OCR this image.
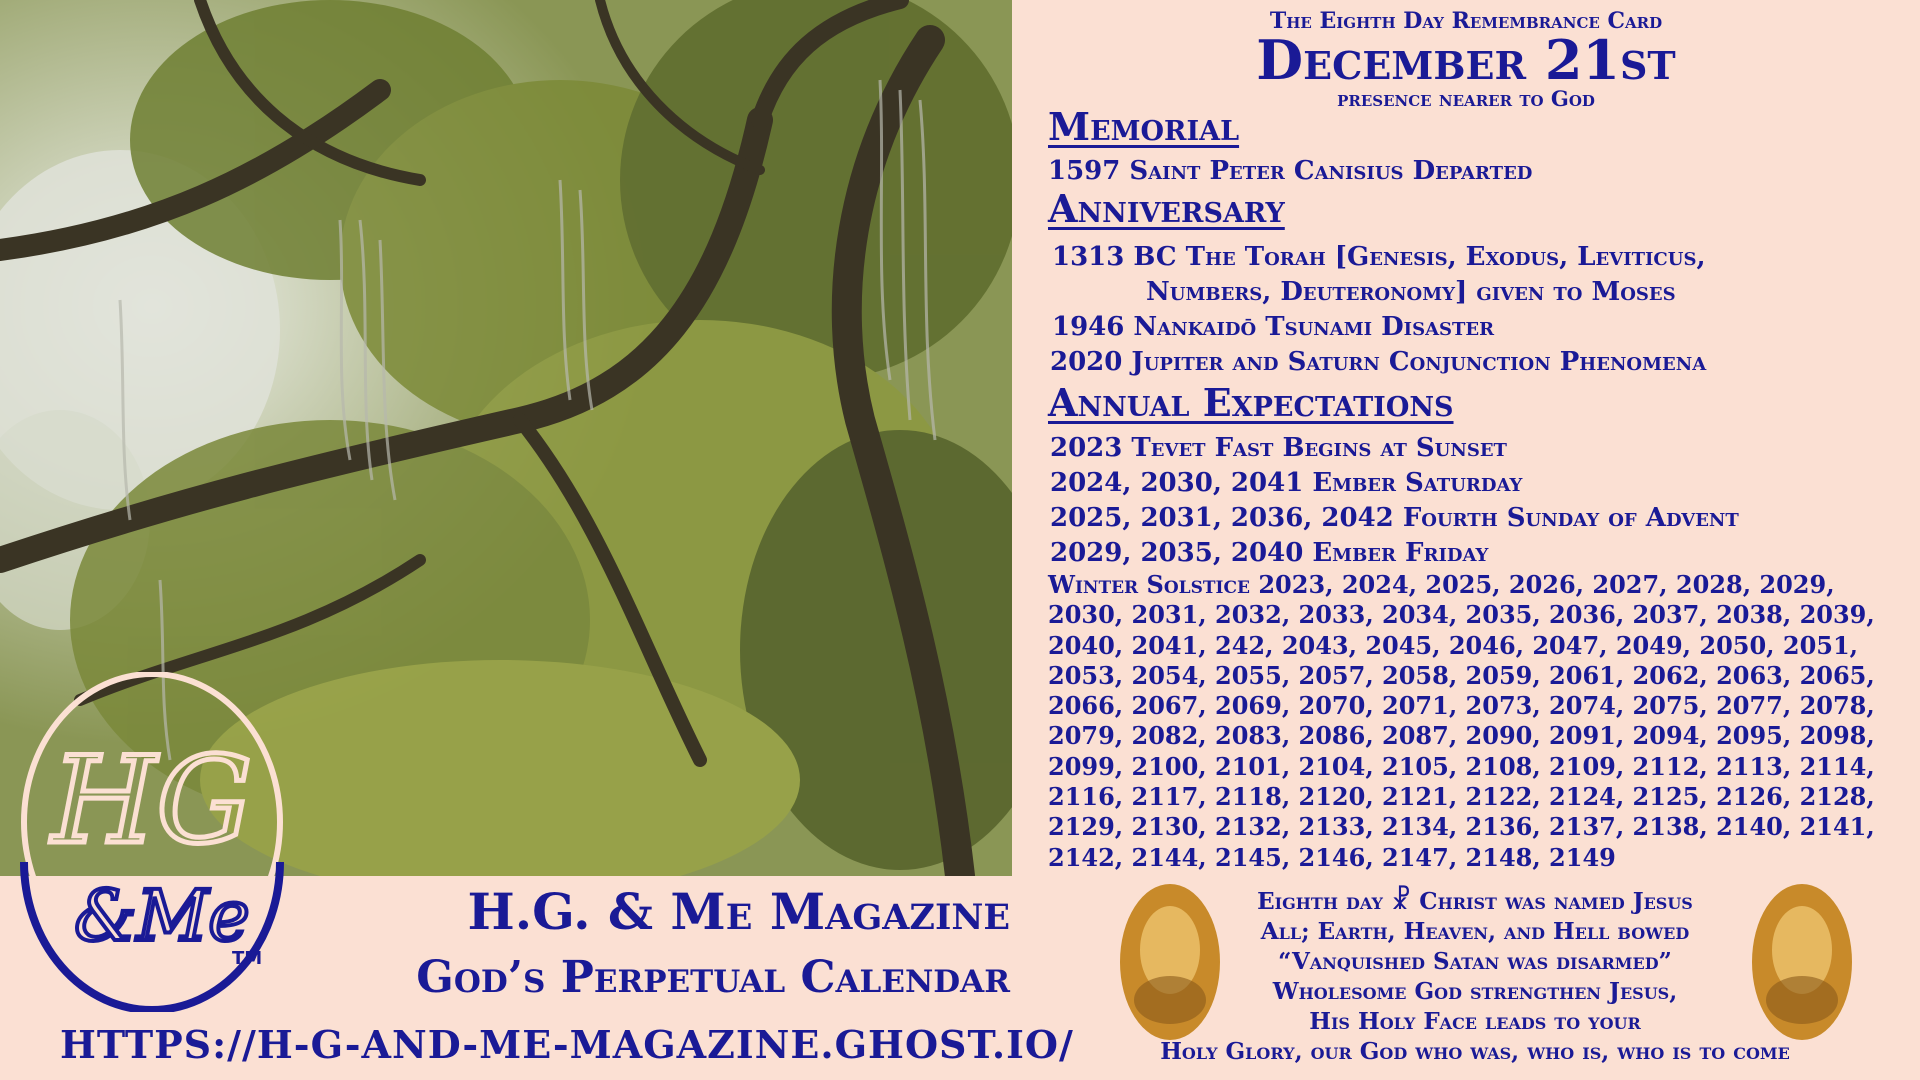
HG
&Me
TM
H.G. & Me Magazine
God’s Perpetual Calendar
HTTPS://H-G-AND-ME-MAGAZINE.GHOST.IO/
The Eighth Day Remembrance Card
December 21st
presence nearer to God
Memorial
1597 Saint Peter Canisius Departed
Anniversary
1313 BC The Torah [Genesis, Exodus, Leviticus,
Numbers, Deuteronomy] given to Moses
1946 Nankaidō Tsunami Disaster
2020 Jupiter and Saturn Conjunction Phenomena
Annual Expectations
2023 Tevet Fast Begins at Sunset
2024, 2030, 2041 Ember Saturday
2025, 2031, 2036, 2042 Fourth Sunday of Advent
2029, 2035, 2040 Ember Friday
Winter Solstice 2023, 2024, 2025, 2026, 2027, 2028, 2029, 2030, 2031, 2032, 2033, 2034, 2035, 2036, 2037, 2038, 2039, 2040, 2041, 242, 2043, 2045, 2046, 2047, 2049, 2050, 2051, 2053, 2054, 2055, 2057, 2058, 2059, 2061, 2062, 2063, 2065, 2066, 2067, 2069, 2070, 2071, 2073, 2074, 2075, 2077, 2078, 2079, 2082, 2083, 2086, 2087, 2090, 2091, 2094, 2095, 2098, 2099, 2100, 2101, 2104, 2105, 2108, 2109, 2112, 2113, 2114, 2116, 2117, 2118, 2120, 2121, 2122, 2124, 2125, 2126, 2128, 2129, 2130, 2132, 2133, 2134, 2136, 2137, 2138, 2140, 2141, 2142, 2144, 2145, 2146, 2147, 2148, 2149
Eighth day ☧ Christ was named Jesus
All; Earth, Heaven, and Hell bowed
“Vanquished Satan was disarmed”
Wholesome God strengthen Jesus,
His Holy Face leads to your
Holy Glory, our God who was, who is, who is to come
